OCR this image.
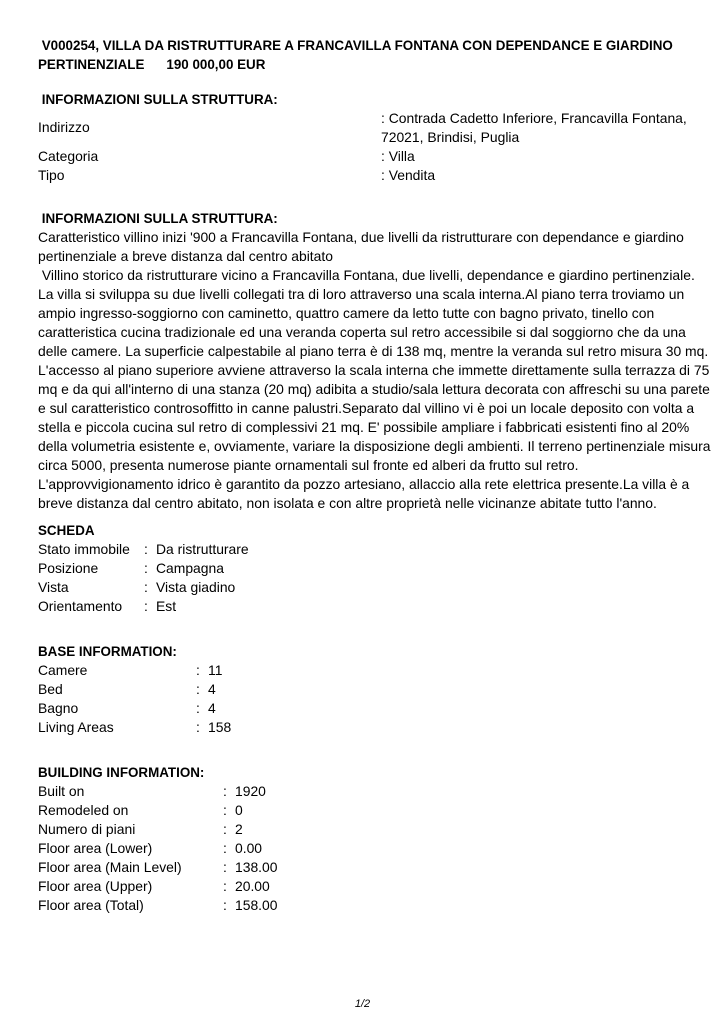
V000254, VILLA DA RISTRUTTURARE A FRANCAVILLA FONTANA CON DEPENDANCE E GIARDINO
PERTINENZIALE 190 000,00 EUR
INFORMAZIONI SULLA STRUTTURA:
Indirizzo
: Contrada Cadetto Inferiore, Francavilla Fontana,
72021, Brindisi, Puglia
Categoria	: Villa
Tipo	: Vendita
INFORMAZIONI SULLA STRUTTURA:
Caratteristico villino inizi '900 a Francavilla Fontana, due livelli da ristrutturare con dependance e giardino
pertinenziale a breve distanza dal centro abitato
Villino storico da ristrutturare vicino a Francavilla Fontana, due livelli, dependance e giardino pertinenziale.
La villa si sviluppa su due livelli collegati tra di loro attraverso una scala interna.Al piano terra troviamo un
ampio ingresso-soggiorno con caminetto, quattro camere da letto tutte con bagno privato, tinello con
caratteristica cucina tradizionale ed una veranda coperta sul retro accessibile si dal soggiorno che da una
delle camere. La superficie calpestabile al piano terra è di 138 mq, mentre la veranda sul retro misura 30 mq.
L'accesso al piano superiore avviene attraverso la scala interna che immette direttamente sulla terrazza di 75
mq e da qui all'interno di una stanza (20 mq) adibita a studio/sala lettura decorata con affreschi su una parete
e sul caratteristico controsoffitto in canne palustri.Separato dal villino vi è poi un locale deposito con volta a
stella e piccola cucina sul retro di complessivi 21 mq. E' possibile ampliare i fabbricati esistenti fino al 20%
della volumetria esistente e, ovviamente, variare la disposizione degli ambienti. Il terreno pertinenziale misura
circa 5000, presenta numerose piante ornamentali sul fronte ed alberi da frutto sul retro.
L'approvvigionamento idrico è garantito da pozzo artesiano, allaccio alla rete elettrica presente.La villa è a
breve distanza dal centro abitato, non isolata e con altre proprietà nelle vicinanze abitate tutto l'anno.
SCHEDA
Stato immobile	:	Da ristrutturare
Posizione	:	Campagna
Vista	:	Vista giadino
Orientamento	:	Est
BASE INFORMATION:
Camere	:	11
Bed	:	4
Bagno	:	4
Living Areas	:	158
BUILDING INFORMATION:
Built on	:	1920
Remodeled on	:	0
Numero di piani	:	2
Floor area (Lower)	:	0.00
Floor area (Main Level)	:	138.00
Floor area (Upper)	:	20.00
Floor area (Total)	:	158.00
1/2
